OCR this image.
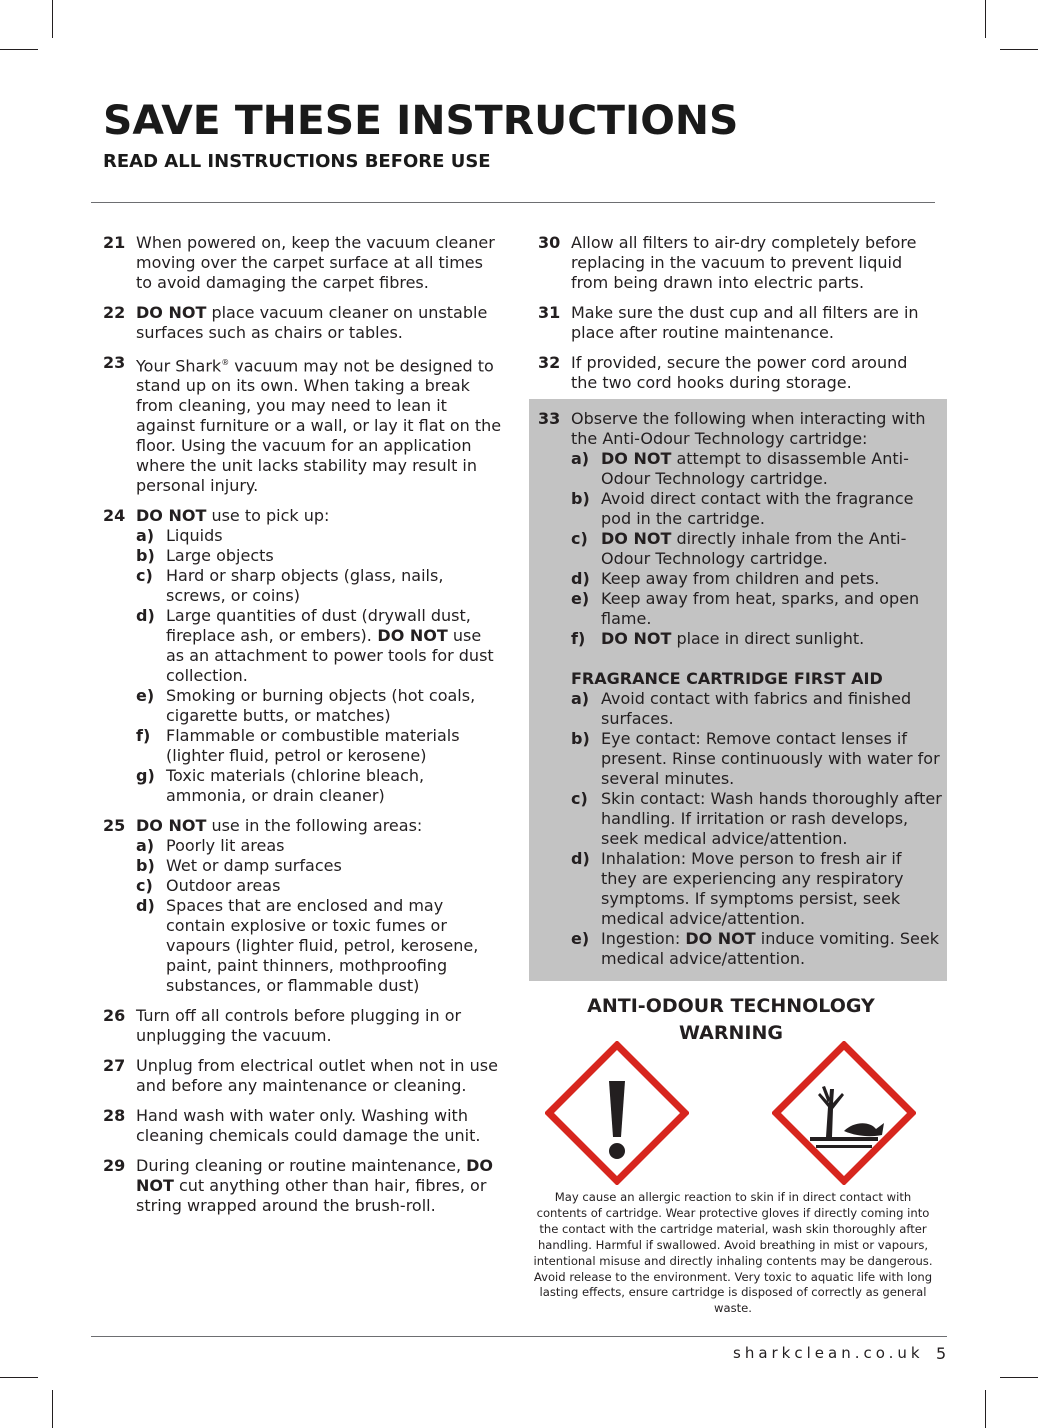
SAVE THESE INSTRUCTIONS
READ ALL INSTRUCTIONS BEFORE USE
21 When powered on, keep the vacuum cleaner moving over the carpet surface at all times to avoid damaging the carpet fibres.
22 DO NOT place vacuum cleaner on unstable surfaces such as chairs or tables.
23 Your Shark® vacuum may not be designed to stand up on its own. When taking a break from cleaning, you may need to lean it against furniture or a wall, or lay it flat on the floor. Using the vacuum for an application where the unit lacks stability may result in personal injury.
24 DO NOT use to pick up:
a) Liquids
b) Large objects
c) Hard or sharp objects (glass, nails, screws, or coins)
d) Large quantities of dust (drywall dust, fireplace ash, or embers). DO NOT use as an attachment to power tools for dust collection.
e) Smoking or burning objects (hot coals, cigarette butts, or matches)
f) Flammable or combustible materials (lighter fluid, petrol or kerosene)
g) Toxic materials (chlorine bleach, ammonia, or drain cleaner)
25 DO NOT use in the following areas:
a) Poorly lit areas
b) Wet or damp surfaces
c) Outdoor areas
d) Spaces that are enclosed and may contain explosive or toxic fumes or vapours (lighter fluid, petrol, kerosene, paint, paint thinners, mothproofing substances, or flammable dust)
26 Turn off all controls before plugging in or unplugging the vacuum.
27 Unplug from electrical outlet when not in use and before any maintenance or cleaning.
28 Hand wash with water only. Washing with cleaning chemicals could damage the unit.
29 During cleaning or routine maintenance, DO NOT cut anything other than hair, fibres, or string wrapped around the brush-roll.
30 Allow all filters to air-dry completely before replacing in the vacuum to prevent liquid from being drawn into electric parts.
31 Make sure the dust cup and all filters are in place after routine maintenance.
32 If provided, secure the power cord around the two cord hooks during storage.
33 Observe the following when interacting with the Anti-Odour Technology cartridge:
a) DO NOT attempt to disassemble Anti-Odour Technology cartridge.
b) Avoid direct contact with the fragrance pod in the cartridge.
c) DO NOT directly inhale from the Anti-Odour Technology cartridge.
d) Keep away from children and pets.
e) Keep away from heat, sparks, and open flame.
f) DO NOT place in direct sunlight.
FRAGRANCE CARTRIDGE FIRST AID
a) Avoid contact with fabrics and finished surfaces.
b) Eye contact: Remove contact lenses if present. Rinse continuously with water for several minutes.
c) Skin contact: Wash hands thoroughly after handling. If irritation or rash develops, seek medical advice/attention.
d) Inhalation: Move person to fresh air if they are experiencing any respiratory symptoms. If symptoms persist, seek medical advice/attention.
e) Ingestion: DO NOT induce vomiting. Seek medical advice/attention.
ANTI-ODOUR TECHNOLOGY
WARNING
May cause an allergic reaction to skin if in direct contact with contents of cartridge. Wear protective gloves if directly coming into the contact with the cartridge material, wash skin thoroughly after handling. Harmful if swallowed. Avoid breathing in mist or vapours, intentional misuse and directly inhaling contents may be dangerous. Avoid release to the environment. Very toxic to aquatic life with long lasting effects, ensure cartridge is disposed of correctly as general waste.
sharkclean.co.uk 5
